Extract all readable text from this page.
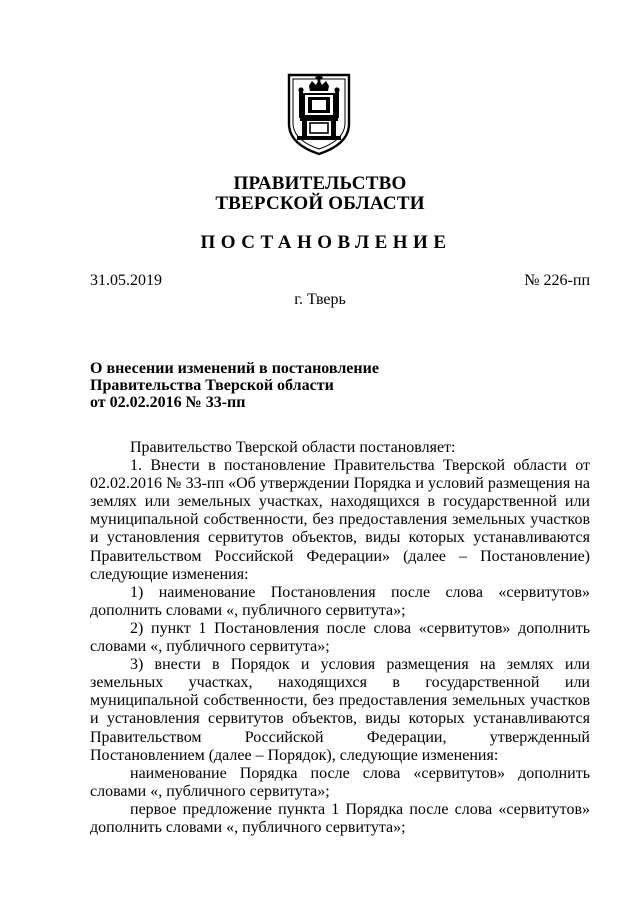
ПРАВИТЕЛЬСТВО
ТВЕРСКОЙ ОБЛАСТИ
ПОСТАНОВЛЕНИЕ
31.05.2019	№ 226-пп
г. Тверь
О внесении изменений в постановление
Правительства Тверской области
от 02.02.2016 № 33-пп

Правительство Тверской области постановляет:

1. Внести в постановление Правительства Тверской области от 02.02.2016 № 33-пп «Об утверждении Порядка и условий размещения на землях или земельных участках, находящихся в государственной или муниципальной собственности, без предоставления земельных участков и установления сервитутов объектов, виды которых устанавливаются Правительством Российской Федерации» (далее – Постановление) следующие изменения:

1) наименование Постановления после слова «сервитутов» дополнить словами «, публичного сервитута»;

2) пункт 1 Постановления после слова «сервитутов» дополнить словами «, публичного сервитута»;

3) внести в Порядок и условия размещения на землях или земельных участках, находящихся в государственной или муниципальной собственности, без предоставления земельных участков и установления сервитутов объектов, виды которых устанавливаются Правительством Российской Федерации, утвержденный Постановлением (далее – Порядок), следующие изменения:

наименование Порядка после слова «сервитутов» дополнить словами «, публичного сервитута»;

первое предложение пункта 1 Порядка после слова «сервитутов» дополнить словами «, публичного сервитута»;
